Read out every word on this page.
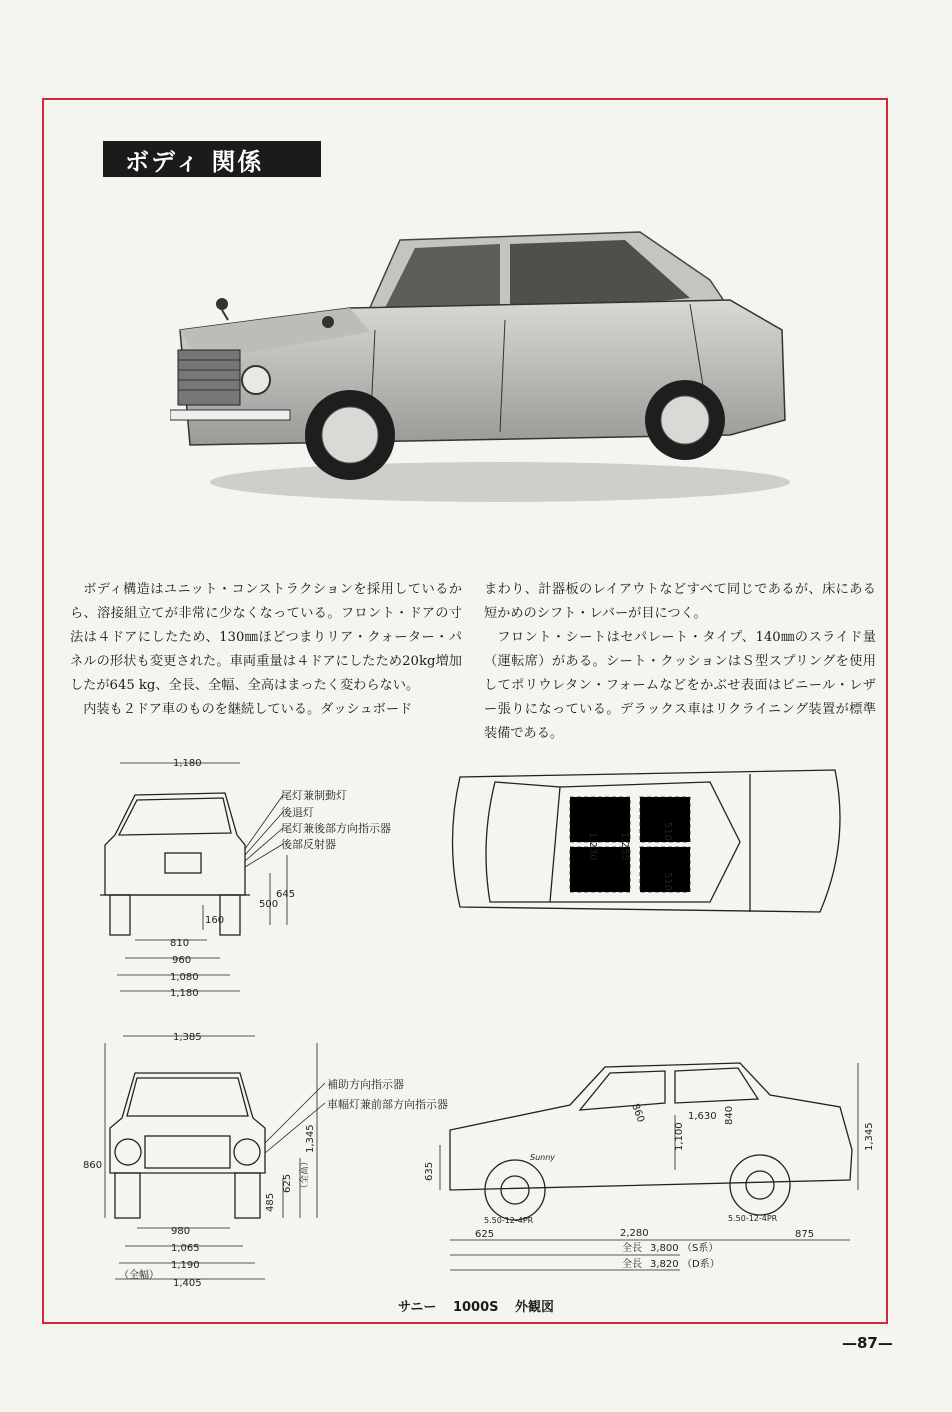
ボディ 関係

ボディ構造はユニット・コンストラクションを採用しているから、溶接組立てが非常に少なくなっている。フロント・ドアの寸法は４ドアにしたため、130㎜ほどつまりリア・クォーター・パネルの形状も変更された。車両重量は４ドアにしたため20kg増加したが645 kg、全長、全幅、全高はまったく変わらない。

内装も２ドア車のものを継続している。ダッシュボード

まわり、計器板のレイアウトなどすべて同じであるが、床にある短かめのシフト・レバーが目につく。

フロント・シートはセパレート・タイプ、140㎜のスライド量（運転席）がある。シート・クッションはＳ型スプリングを使用してポリウレタン・フォームなどをかぶせ表面はビニール・レザー張りになっている。デラックス車はリクライニング装置が標準装備である。

1,180
810
960
1,080
1,180
160
500
645
尾灯兼制動灯
後退灯
尾灯兼後部方向指示器
後部反射器
510
510
1,230 1,255
1,385
860
980
1,065
1,190
1,405
（全幅）
485
625 （全高）
1,345
補助方向指示器
車幅灯兼前部方向指示器	860	1,630 840
1,100
635
1,345
625	2,280	875
全長 3,800 （S系）
全長 3,820 （D系）
5.50-12-4PR	5.50-12-4PR
Sunny
サニー 1000S 外観図
—87—
